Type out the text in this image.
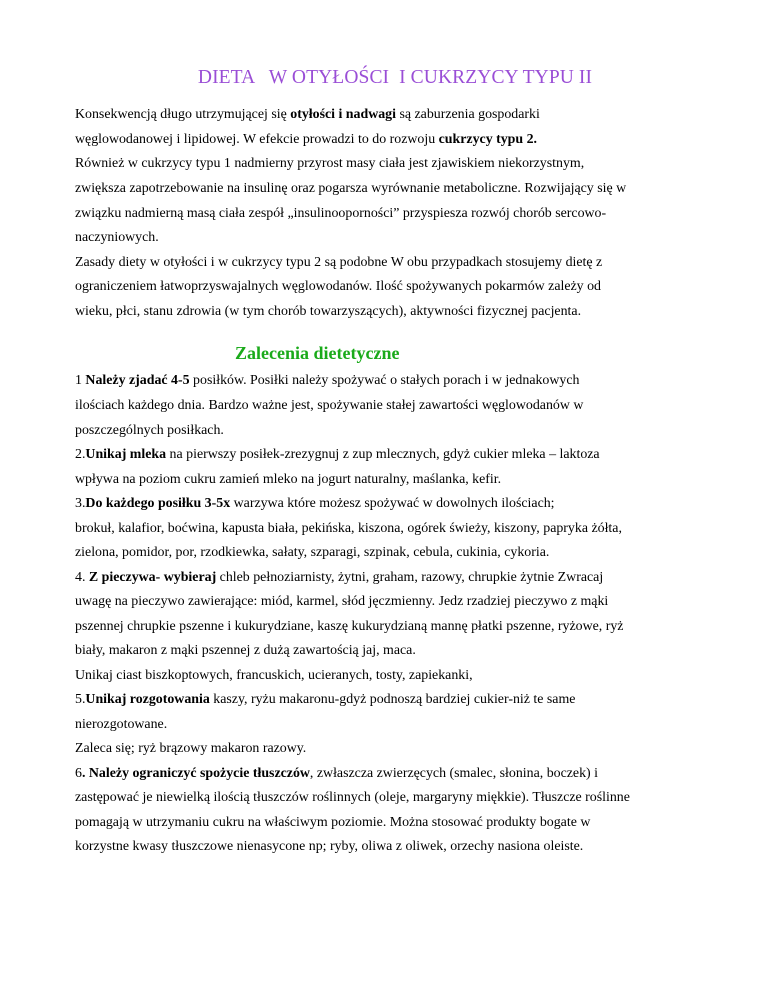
DIETA   W OTYŁOŚCI  I CUKRZYCY TYPU II
Konsekwencją długo utrzymującej się otyłości i nadwagi są zaburzenia gospodarki
węglowodanowej i lipidowej. W efekcie prowadzi to do rozwoju cukrzycy typu 2.
Również w cukrzycy typu 1 nadmierny przyrost masy ciała jest zjawiskiem niekorzystnym,
zwiększa zapotrzebowanie na insulinę oraz pogarsza wyrównanie metaboliczne. Rozwijający się w
związku nadmierną masą ciała zespół „insulinooporności” przyspiesza rozwój chorób sercowo-
naczyniowych.
Zasady diety w otyłości i w cukrzycy typu 2 są podobne W obu przypadkach stosujemy dietę z
ograniczeniem łatwoprzyswajalnych węglowodanów. Ilość spożywanych pokarmów zależy od
wieku, płci, stanu zdrowia (w tym chorób towarzyszących), aktywności fizycznej pacjenta.
Zalecenia dietetyczne
1 Należy zjadać 4-5 posiłków. Posiłki należy spożywać o stałych porach i w jednakowych
ilościach każdego dnia. Bardzo ważne jest, spożywanie stałej zawartości węglowodanów w
poszczególnych posiłkach.
2.Unikaj mleka na pierwszy posiłek-zrezygnuj z zup mlecznych, gdyż cukier mleka – laktoza
wpływa na poziom cukru zamień mleko na jogurt naturalny, maślanka, kefir.
3.Do każdego posiłku 3-5x warzywa które możesz spożywać w dowolnych ilościach;
brokuł, kalafior, boćwina, kapusta biała, pekińska, kiszona, ogórek świeży, kiszony, papryka żółta,
zielona, pomidor, por, rzodkiewka, sałaty, szparagi, szpinak, cebula, cukinia, cykoria.
4. Z pieczywa- wybieraj chleb pełnoziarnisty, żytni, graham, razowy, chrupkie żytnie Zwracaj
uwagę na pieczywo zawierające: miód, karmel, słód jęczmienny. Jedz rzadziej pieczywo z mąki
pszennej chrupkie pszenne i kukurydziane, kaszę kukurydzianą mannę płatki pszenne, ryżowe, ryż
biały, makaron z mąki pszennej z dużą zawartością jaj, maca.
Unikaj ciast biszkoptowych, francuskich, ucieranych, tosty, zapiekanki,
5.Unikaj rozgotowania kaszy, ryżu makaronu-gdyż podnoszą bardziej cukier-niż te same
nierozgotowane.
Zaleca się; ryż brązowy makaron razowy.
6. Należy ograniczyć spożycie tłuszczów, zwłaszcza zwierzęcych (smalec, słonina, boczek) i
zastępować je niewielką ilością tłuszczów roślinnych (oleje, margaryny miękkie). Tłuszcze roślinne
pomagają w utrzymaniu cukru na właściwym poziomie. Można stosować produkty bogate w
korzystne kwasy tłuszczowe nienasycone np; ryby, oliwa z oliwek, orzechy nasiona oleiste.
